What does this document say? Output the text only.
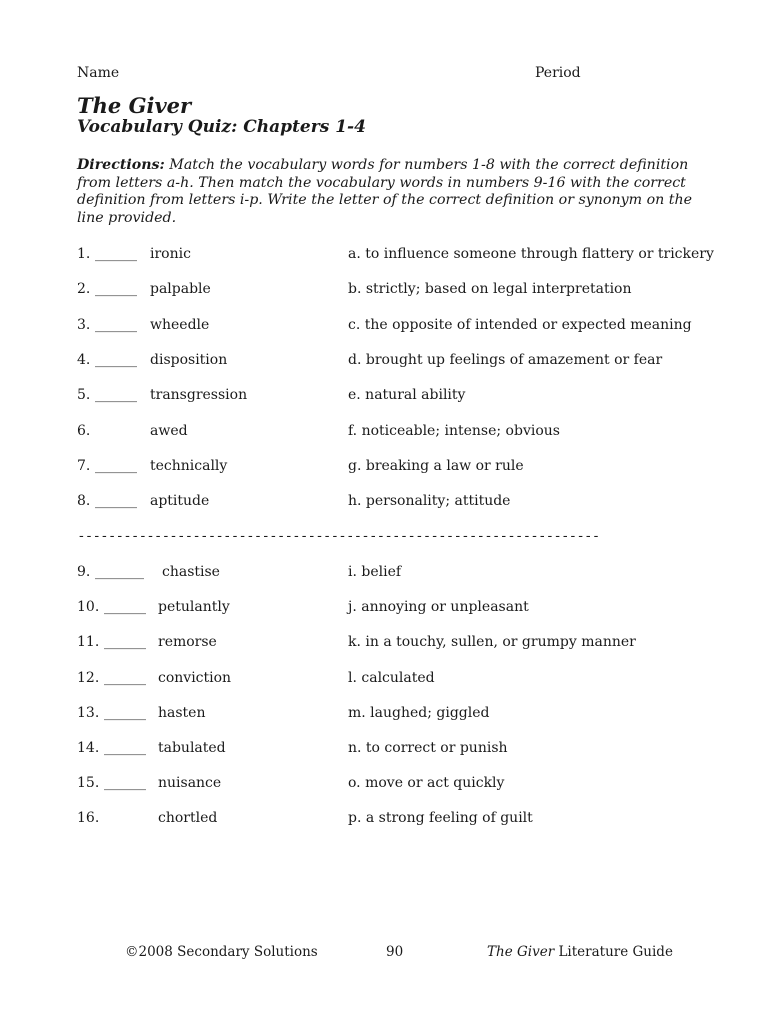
Name	Period
The Giver
Vocabulary Quiz: Chapters 1-4
Directions: Match the vocabulary words for numbers 1-8 with the correct definition from letters a-h. Then match the vocabulary words in numbers 9-16 with the correct definition from letters i-p. Write the letter of the correct definition or synonym on the line provided.
1. ______ ironic	a. to influence someone through flattery or trickery
2. ______ palpable	b. strictly; based on legal interpretation
3. ______ wheedle	c. the opposite of intended or expected meaning
4. ______ disposition	d. brought up feelings of amazement or fear
5. ______ transgression	e. natural ability
6.	awed	f. noticeable; intense; obvious
7. ______ technically	g. breaking a law or rule
8. ______ aptitude	h. personality; attitude
--------------------------------------------------------------------
9. _______ chastise	i. belief
10. ______ petulantly	j. annoying or unpleasant
11. ______ remorse	k. in a touchy, sullen, or grumpy manner
12. ______ conviction	l. calculated
13. ______ hasten	m. laughed; giggled
14. ______ tabulated	n. to correct or punish
15. ______ nuisance	o. move or act quickly
16.	chortled	p. a strong feeling of guilt
©2008 Secondary Solutions	90	The Giver Literature Guide
